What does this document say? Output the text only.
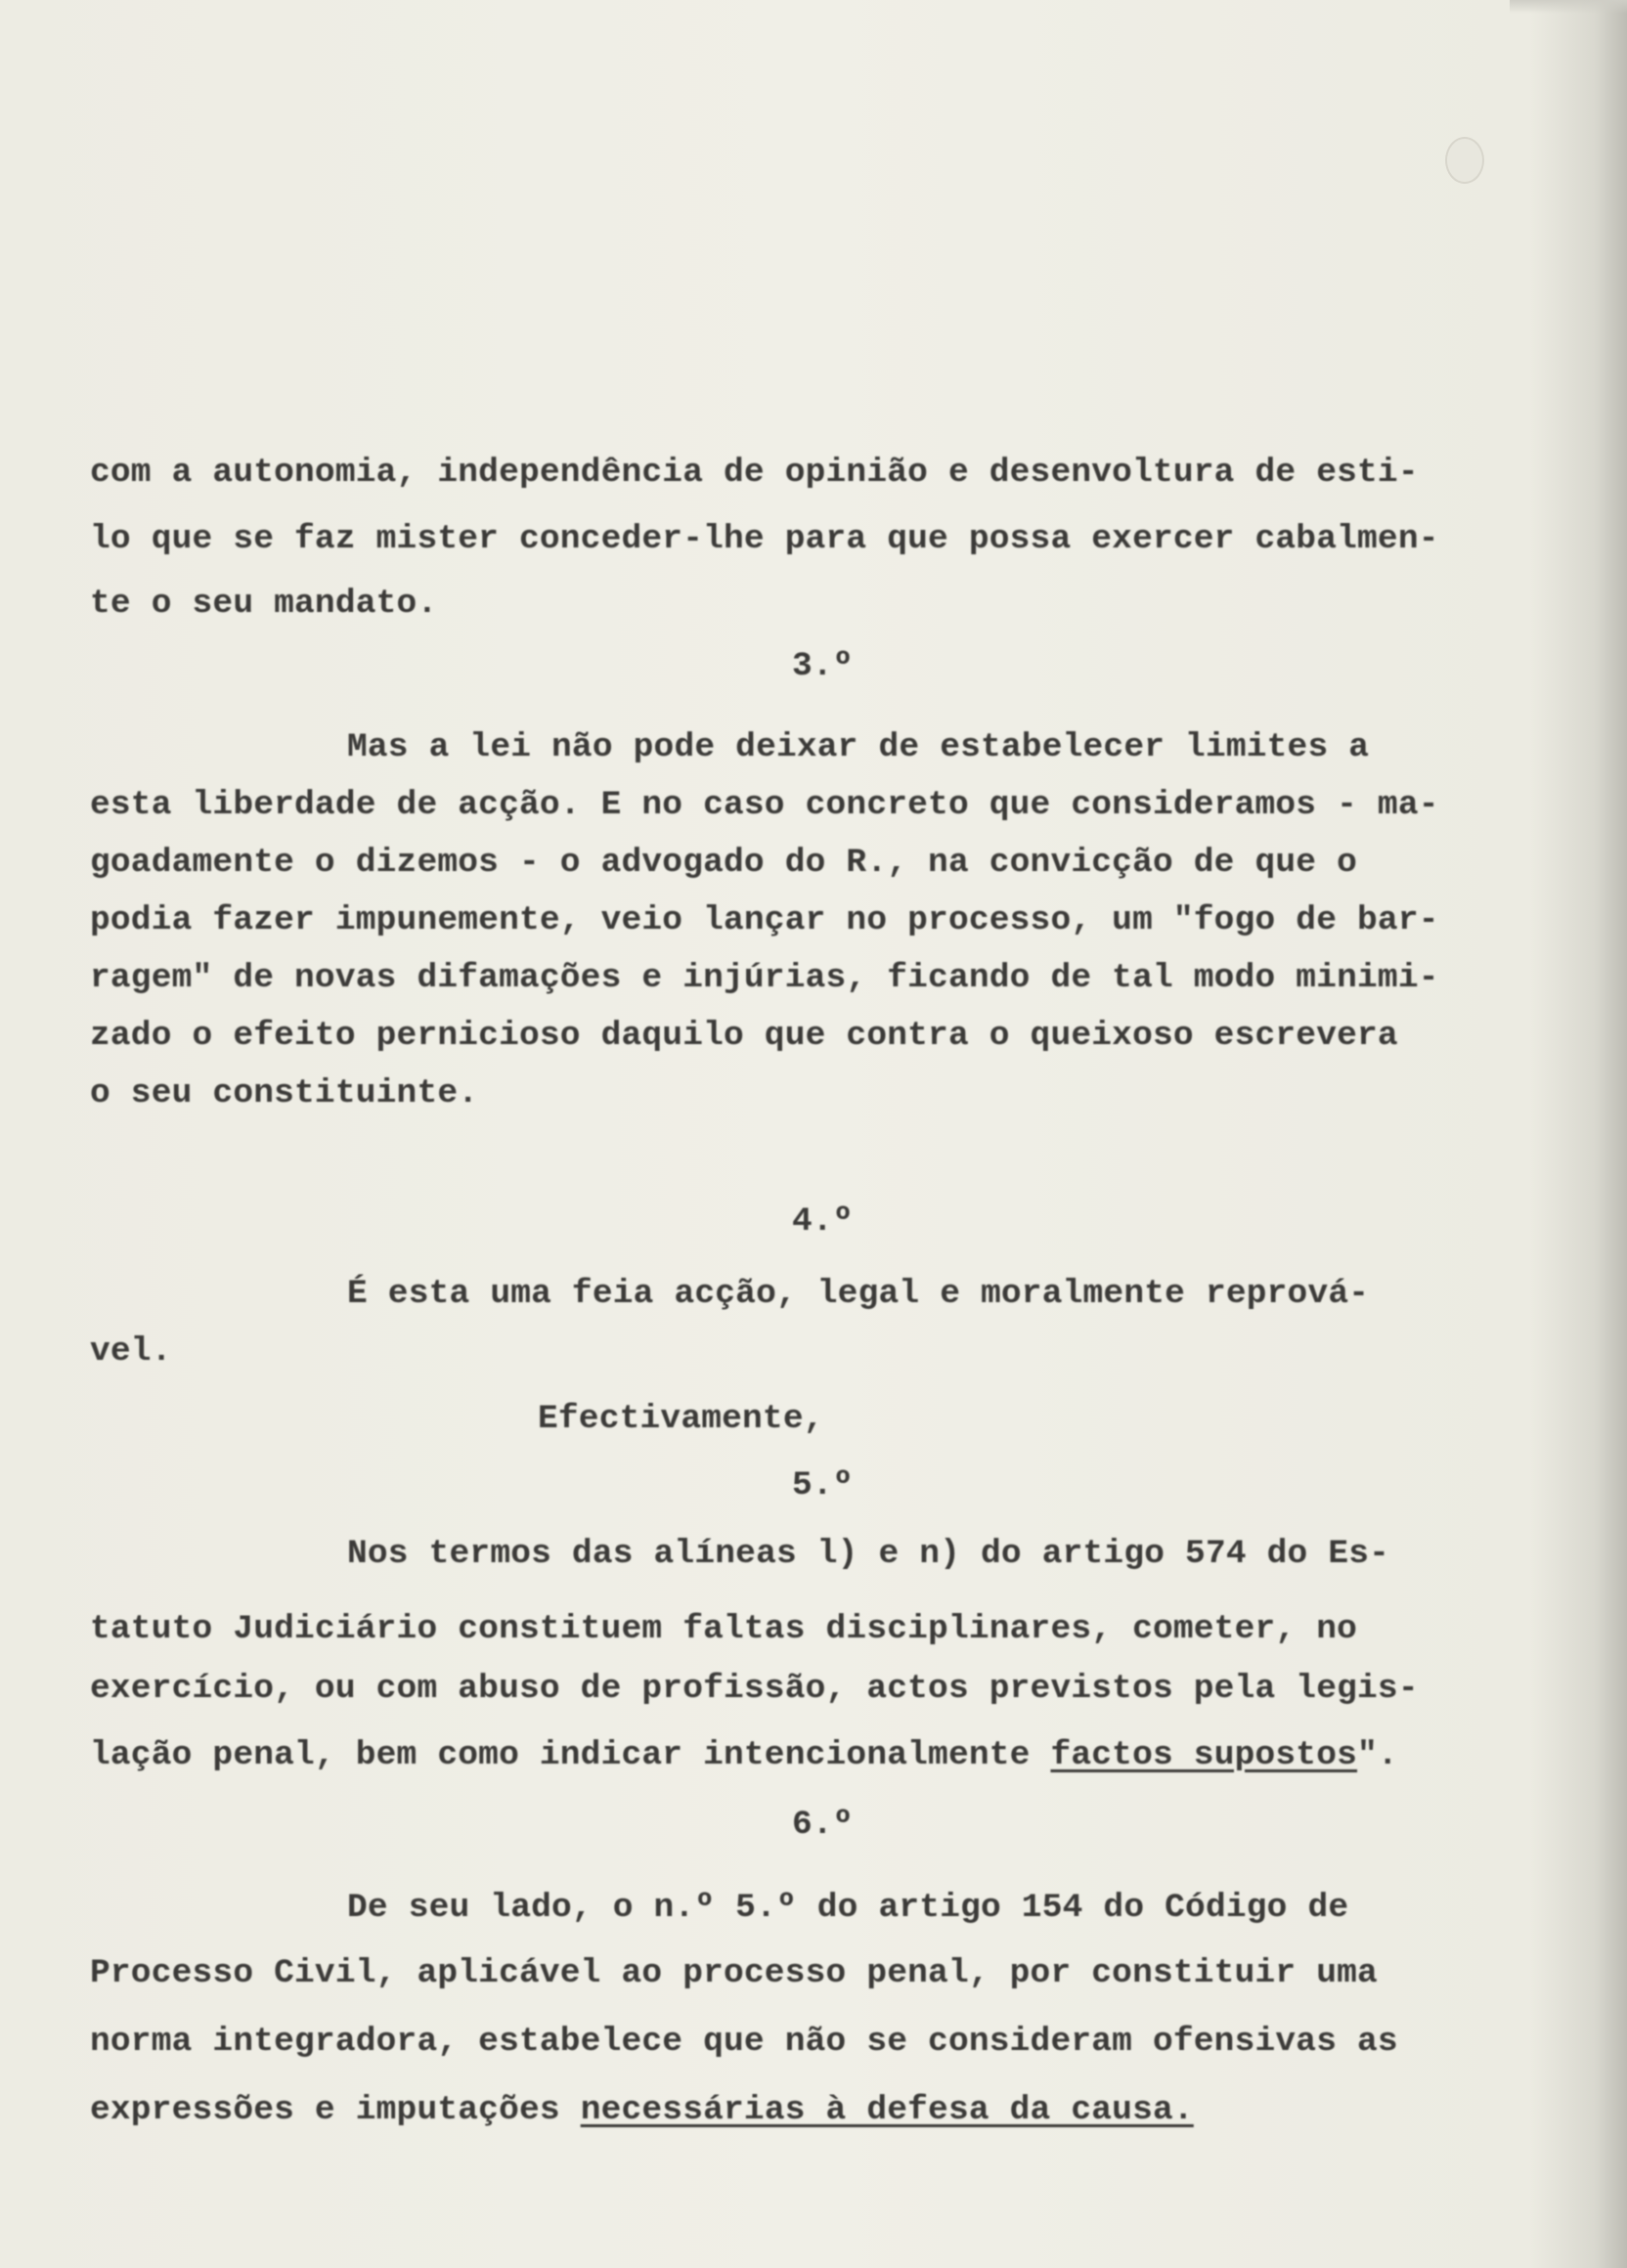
com a autonomia, independência de opinião e desenvoltura de esti-
lo que se faz mister conceder-lhe para que possa exercer cabalmen-
te o seu mandato.
3.º
Mas a lei não pode deixar de estabelecer limites a
esta liberdade de acção. E no caso concreto que consideramos - ma-
goadamente o dizemos - o advogado do R., na convicção de que o
podia fazer impunemente, veio lançar no processo, um "fogo de bar-
ragem" de novas difamações e injúrias, ficando de tal modo minimi-
zado o efeito pernicioso daquilo que contra o queixoso escrevera
o seu constituinte.
4.º
É esta uma feia acção, legal e moralmente reprová-
vel.
Efectivamente,
5.º
Nos termos das alíneas l) e n) do artigo 574 do Es-
tatuto Judiciário constituem faltas disciplinares, cometer, no
exercício, ou com abuso de profissão, actos previstos pela legis-
lação penal, bem como indicar intencionalmente factos supostos".
6.º
De seu lado, o n.º 5.º do artigo 154 do Código de
Processo Civil, aplicável ao processo penal, por constituir uma
norma integradora, estabelece que não se consideram ofensivas as
expressões e imputações necessárias à defesa da causa.
